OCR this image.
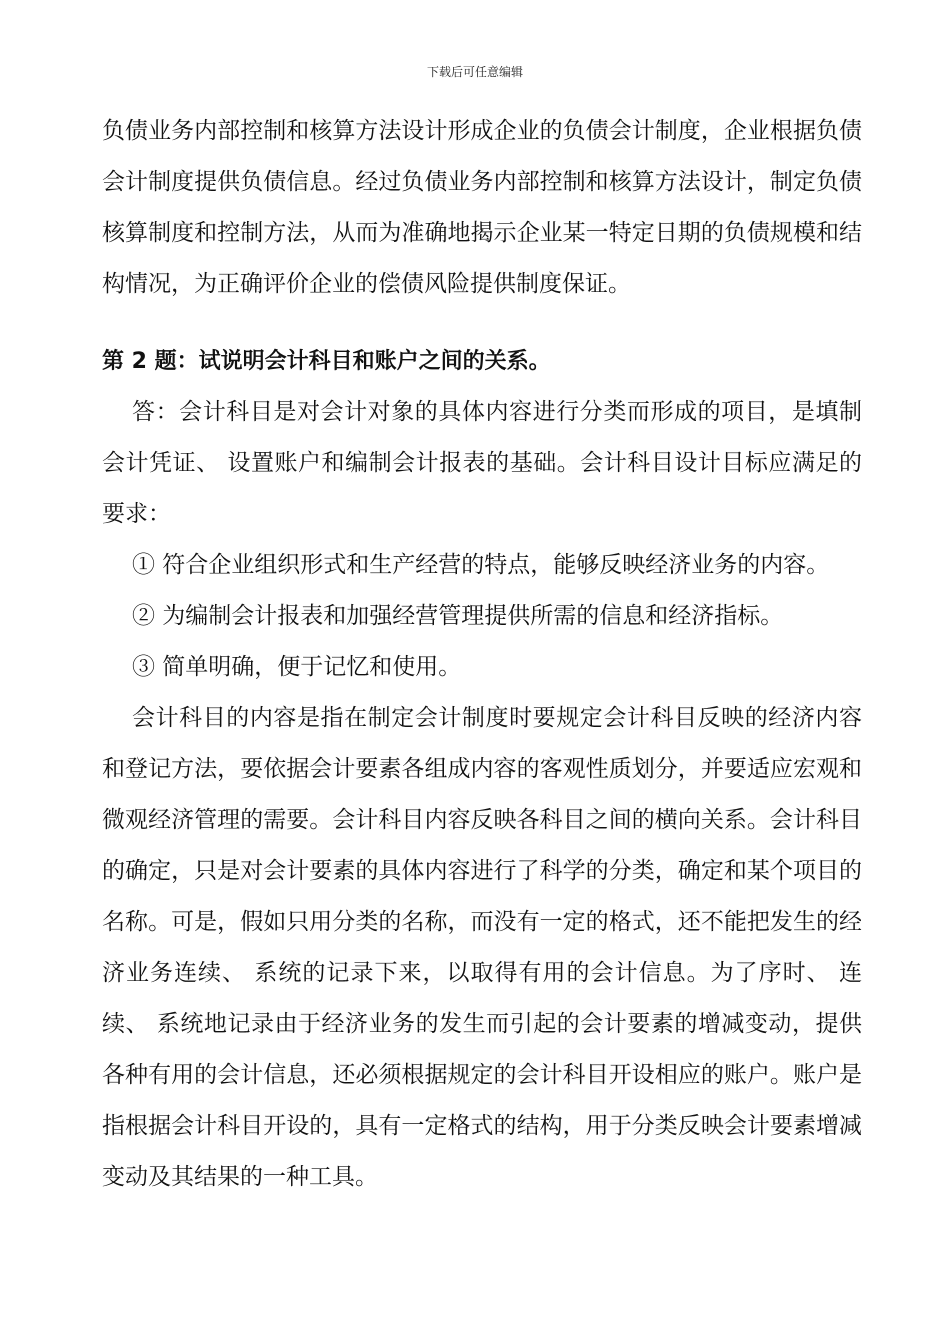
下载后可任意编辑

负债业务内部控制和核算方法设计形成企业的负债会计制度，企业根据负债会计制度提供负债信息。经过负债业务内部控制和核算方法设计，制定负债核算制度和控制方法，从而为准确地揭示企业某一特定日期的负债规模和结构情况，为正确评价企业的偿债风险提供制度保证。

第 2 题：试说明会计科目和账户之间的关系。

答：会计科目是对会计对象的具体内容进行分类而形成的项目，是填制会计凭证、 设置账户和编制会计报表的基础。会计科目设计目标应满足的要求：

① 符合企业组织形式和生产经营的特点，能够反映经济业务的内容。

② 为编制会计报表和加强经营管理提供所需的信息和经济指标。

③ 简单明确，便于记忆和使用。

会计科目的内容是指在制定会计制度时要规定会计科目反映的经济内容和登记方法，要依据会计要素各组成内容的客观性质划分，并要适应宏观和微观经济管理的需要。会计科目内容反映各科目之间的横向关系。会计科目的确定，只是对会计要素的具体内容进行了科学的分类，确定和某个项目的名称。可是，假如只用分类的名称，而没有一定的格式，还不能把发生的经济业务连续、 系统的记录下来，以取得有用的会计信息。为了序时、 连续、 系统地记录由于经济业务的发生而引起的会计要素的增减变动，提供各种有用的会计信息，还必须根据规定的会计科目开设相应的账户。账户是指根据会计科目开设的，具有一定格式的结构，用于分类反映会计要素增减变动及其结果的一种工具。
